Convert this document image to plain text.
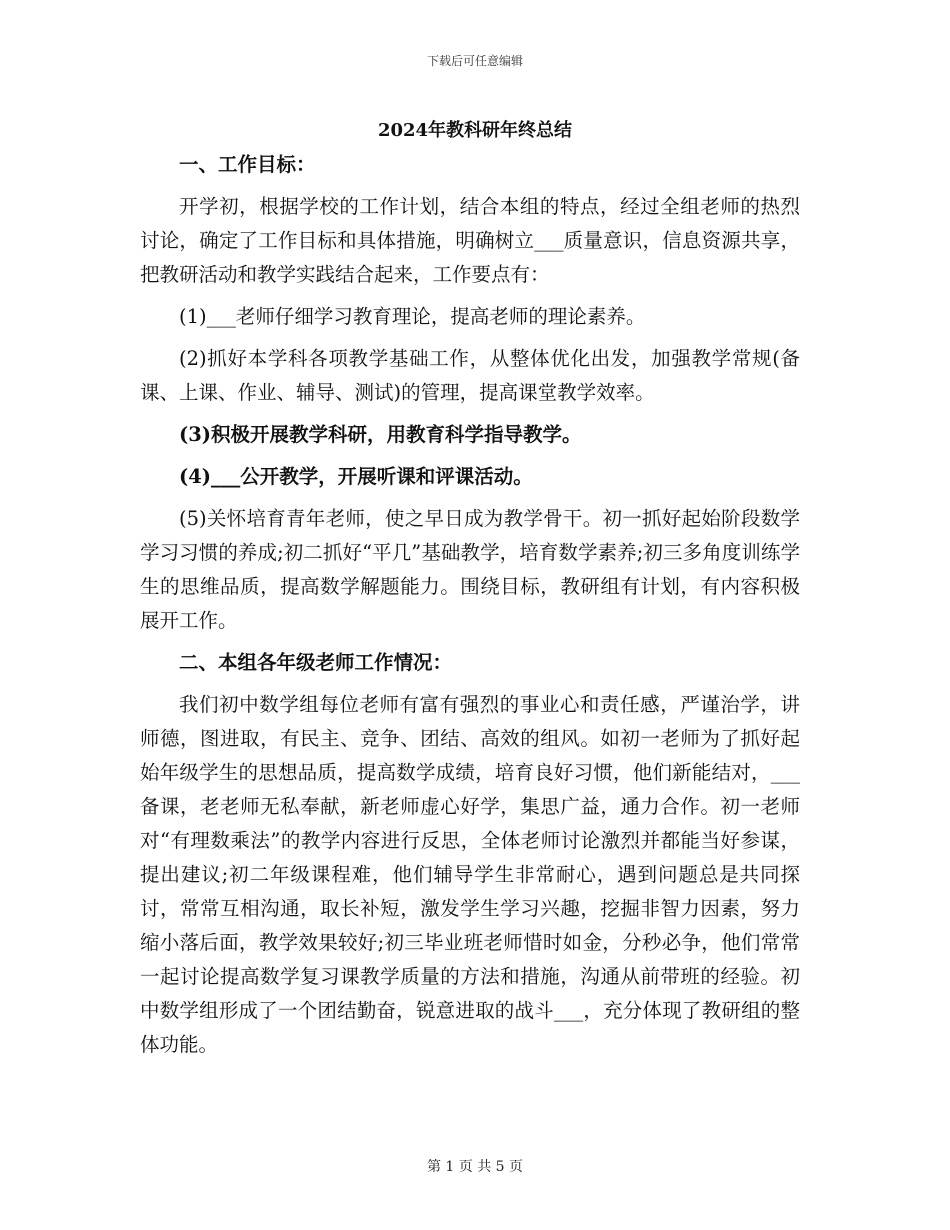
下载后可任意编辑
2024年教科研年终总结

一、工作目标：

开学初，根据学校的工作计划，结合本组的特点，经过全组老师的热烈讨论，确定了工作目标和具体措施，明确树立___质量意识，信息资源共享，把教研活动和教学实践结合起来，工作要点有：

(1)___老师仔细学习教育理论，提高老师的理论素养。

(2)抓好本学科各项教学基础工作，从整体优化出发，加强教学常规(备课、上课、作业、辅导、测试)的管理，提高课堂教学效率。

(3)积极开展教学科研，用教育科学指导教学。

(4)___公开教学，开展听课和评课活动。

(5)关怀培育青年老师，使之早日成为教学骨干。初一抓好起始阶段数学学习习惯的养成;初二抓好“平几”基础教学，培育数学素养;初三多角度训练学生的思维品质，提高数学解题能力。围绕目标，教研组有计划，有内容积极展开工作。

二、本组各年级老师工作情况：

我们初中数学组每位老师有富有强烈的事业心和责任感，严谨治学，讲师德，图进取，有民主、竞争、团结、高效的组风。如初一老师为了抓好起始年级学生的思想品质，提高数学成绩，培育良好习惯，他们新能结对，___备课，老老师无私奉献，新老师虚心好学，集思广益，通力合作。初一老师对“有理数乘法”的教学内容进行反思，全体老师讨论激烈并都能当好参谋，提出建议;初二年级课程难，他们辅导学生非常耐心，遇到问题总是共同探讨，常常互相沟通，取长补短，激发学生学习兴趣，挖掘非智力因素，努力缩小落后面，教学效果较好;初三毕业班老师惜时如金，分秒必争，他们常常一起讨论提高数学复习课教学质量的方法和措施，沟通从前带班的经验。初中数学组形成了一个团结勤奋，锐意进取的战斗___，充分体现了教研组的整体功能。

第 1 页 共 5 页
